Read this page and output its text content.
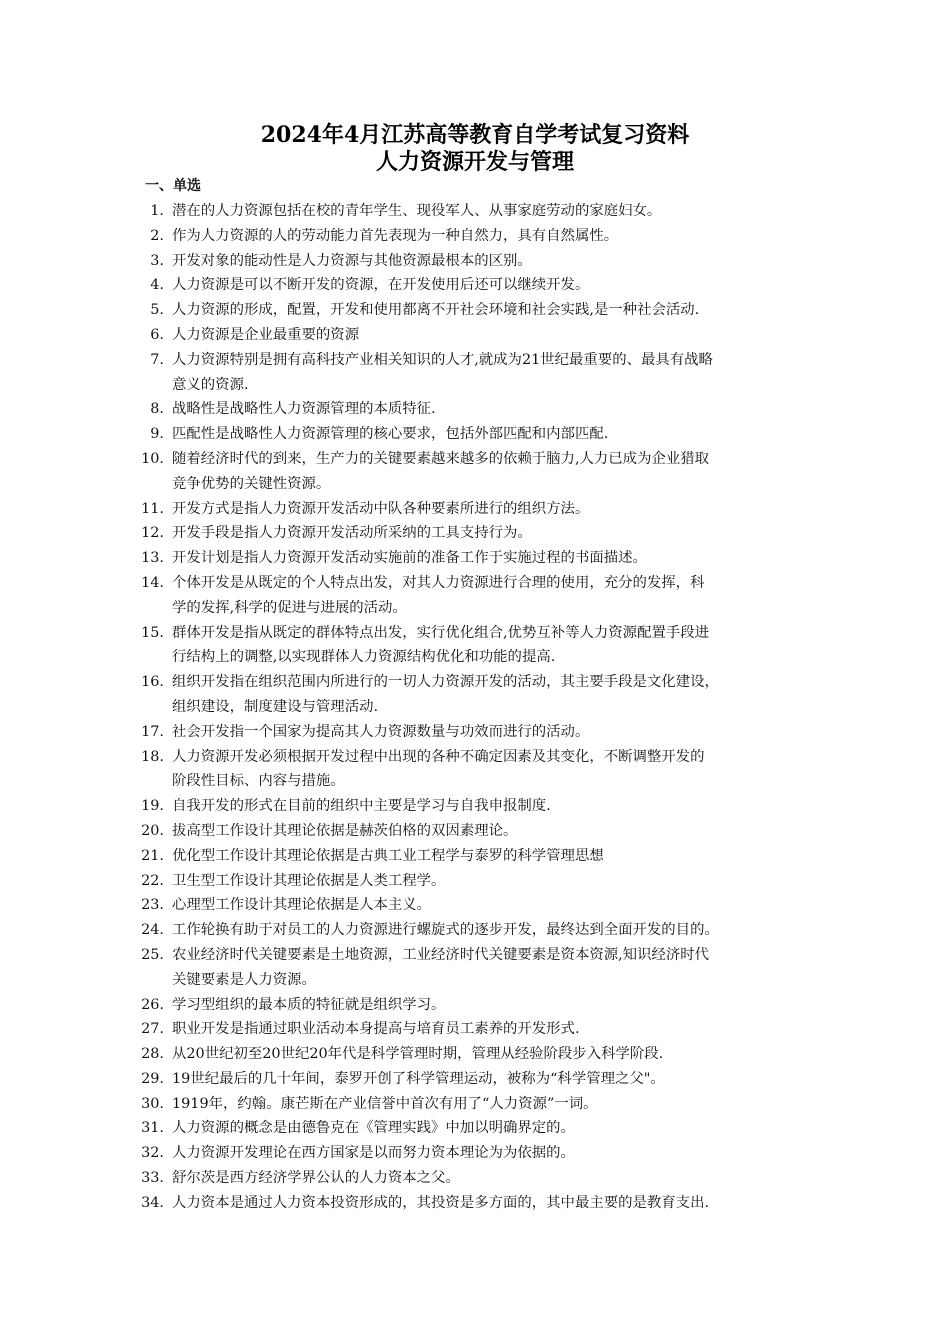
2024年4月江苏高等教育自学考试复习资料
人力资源开发与管理
一、单选
1. 潜在的人力资源包括在校的青年学生、现役军人、从事家庭劳动的家庭妇女。
2. 作为人力资源的人的劳动能力首先表现为一种自然力，具有自然属性。
3. 开发对象的能动性是人力资源与其他资源最根本的区别。
4. 人力资源是可以不断开发的资源，在开发使用后还可以继续开发。
5. 人力资源的形成，配置，开发和使用都离不开社会环境和社会实践,是一种社会活动.
6. 人力资源是企业最重要的资源
7. 人力资源特别是拥有高科技产业相关知识的人才,就成为21世纪最重要的、最具有战略
意义的资源.
8. 战略性是战略性人力资源管理的本质特征.
9. 匹配性是战略性人力资源管理的核心要求，包括外部匹配和内部匹配.
10. 随着经济时代的到来，生产力的关键要素越来越多的依赖于脑力,人力已成为企业猎取
竞争优势的关键性资源。
11. 开发方式是指人力资源开发活动中队各种要素所进行的组织方法。
12. 开发手段是指人力资源开发活动所采纳的工具支持行为。
13. 开发计划是指人力资源开发活动实施前的准备工作于实施过程的书面描述。
14. 个体开发是从既定的个人特点出发，对其人力资源进行合理的使用，充分的发挥，科
学的发挥,科学的促进与进展的活动。
15. 群体开发是指从既定的群体特点出发，实行优化组合,优势互补等人力资源配置手段进
行结构上的调整,以实现群体人力资源结构优化和功能的提高.
16. 组织开发指在组织范围内所进行的一切人力资源开发的活动，其主要手段是文化建设，
组织建设，制度建设与管理活动.
17. 社会开发指一个国家为提高其人力资源数量与功效而进行的活动。
18. 人力资源开发必须根据开发过程中出现的各种不确定因素及其变化，不断调整开发的
阶段性目标、内容与措施。
19. 自我开发的形式在目前的组织中主要是学习与自我申报制度.
20. 拔高型工作设计其理论依据是赫茨伯格的双因素理论。
21. 优化型工作设计其理论依据是古典工业工程学与泰罗的科学管理思想
22. 卫生型工作设计其理论依据是人类工程学。
23. 心理型工作设计其理论依据是人本主义。
24. 工作轮换有助于对员工的人力资源进行螺旋式的逐步开发，最终达到全面开发的目的。
25. 农业经济时代关键要素是土地资源，工业经济时代关键要素是资本资源,知识经济时代
关键要素是人力资源。
26. 学习型组织的最本质的特征就是组织学习。
27. 职业开发是指通过职业活动本身提高与培育员工素养的开发形式.
28. 从20世纪初至20世纪20年代是科学管理时期，管理从经验阶段步入科学阶段.
29. 19世纪最后的几十年间，泰罗开创了科学管理运动，被称为“科学管理之父"。
30. 1919年，约翰。康芒斯在产业信誉中首次有用了“人力资源”一词。
31. 人力资源的概念是由德鲁克在《管理实践》中加以明确界定的。
32. 人力资源开发理论在西方国家是以而努力资本理论为为依据的。
33. 舒尔茨是西方经济学界公认的人力资本之父。
34. 人力资本是通过人力资本投资形成的，其投资是多方面的，其中最主要的是教育支出.
